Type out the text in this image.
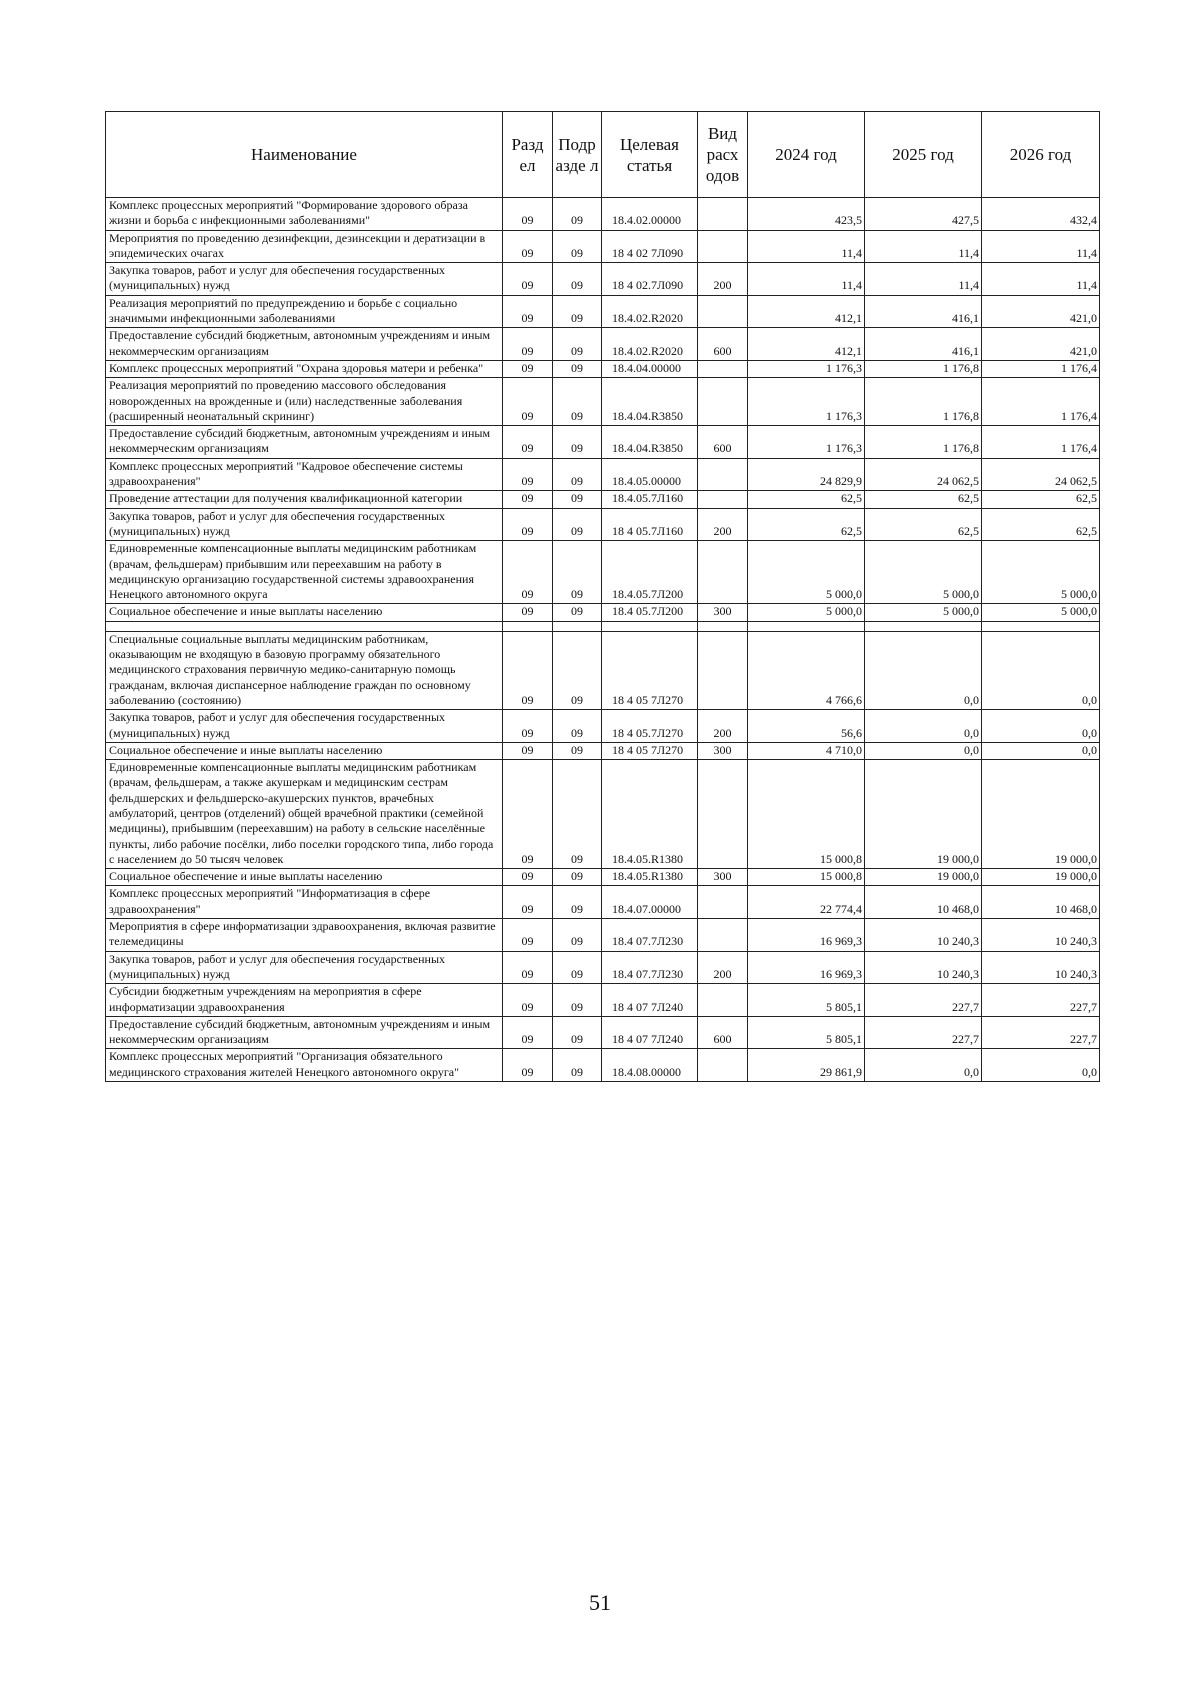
Наименование	Разд ел	Подр азде л	Целевая статья	Вид расх одов	2024 год	2025 год	2026 год
Комплекс процессных мероприятий "Формирование здорового образа жизни и борьба с инфекционными заболеваниями"	09	09	18.4.02.00000		423,5	427,5	432,4
Мероприятия по проведению дезинфекции, дезинсекции и дератизации в эпидемических очагах	09	09	18 4 02 7Л090		11,4	11,4	11,4
Закупка товаров, работ и услуг для обеспечения государственных (муниципальных) нужд	09	09	18 4 02.7Л090	200	11,4	11,4	11,4
Реализация мероприятий по предупреждению и борьбе с социально значимыми инфекционными заболеваниями	09	09	18.4.02.R2020		412,1	416,1	421,0
Предоставление субсидий бюджетным, автономным учреждениям и иным некоммерческим организациям	09	09	18.4.02.R2020	600	412,1	416,1	421,0
Комплекс процессных мероприятий "Охрана здоровья матери и ребенка"	09	09	18.4.04.00000		1 176,3	1 176,8	1 176,4
Реализация мероприятий по проведению массового обследования новорожденных на врожденные и (или) наследственные заболевания (расширенный неонатальный скрининг)	09	09	18.4.04.R3850		1 176,3	1 176,8	1 176,4
Предоставление субсидий бюджетным, автономным учреждениям и иным некоммерческим организациям	09	09	18.4.04.R3850	600	1 176,3	1 176,8	1 176,4
Комплекс процессных мероприятий "Кадровое обеспечение системы здравоохранения"	09	09	18.4.05.00000		24 829,9	24 062,5	24 062,5
Проведение аттестации для получения квалификационной категории	09	09	18.4.05.7Л160		62,5	62,5	62,5
Закупка товаров, работ и услуг для обеспечения государственных (муниципальных) нужд	09	09	18 4 05.7Л160	200	62,5	62,5	62,5
Единовременные компенсационные выплаты медицинским работникам (врачам, фельдшерам) прибывшим или переехавшим на работу в медицинскую организацию государственной системы здравоохранения Ненецкого автономного округа	09	09	18.4.05.7Л200		5 000,0	5 000,0	5 000,0
Социальное обеспечение и иные выплаты населению	09	09	18.4 05.7Л200	300	5 000,0	5 000,0	5 000,0

Специальные социальные выплаты медицинским работникам, оказывающим не входящую в базовую программу обязательного медицинского страхования первичную медико-санитарную помощь гражданам, включая диспансерное наблюдение граждан по основному заболеванию (состоянию)	09	09	18 4 05 7Л270		4 766,6	0,0	0,0
Закупка товаров, работ и услуг для обеспечения государственных (муниципальных) нужд	09	09	18 4 05.7Л270	200	56,6	0,0	0,0
Социальное обеспечение и иные выплаты населению	09	09	18 4 05 7Л270	300	4 710,0	0,0	0,0
Единовременные компенсационные выплаты медицинским работникам (врачам, фельдшерам, а также акушеркам и медицинским сестрам фельдшерских и фельдшерско-акушерских пунктов, врачебных амбулаторий, центров (отделений) общей врачебной практики (семейной медицины), прибывшим (переехавшим) на работу в сельские населённые пункты, либо рабочие посёлки, либо поселки городского типа, либо города с населением до 50 тысяч человек	09	09	18.4.05.R1380		15 000,8	19 000,0	19 000,0
Социальное обеспечение и иные выплаты населению	09	09	18.4.05.R1380	300	15 000,8	19 000,0	19 000,0
Комплекс процессных мероприятий "Информатизация в сфере здравоохранения"	09	09	18.4.07.00000		22 774,4	10 468,0	10 468,0
Мероприятия в сфере информатизации здравоохранения, включая развитие телемедицины	09	09	18.4 07.7Л230		16 969,3	10 240,3	10 240,3
Закупка товаров, работ и услуг для обеспечения государственных (муниципальных) нужд	09	09	18.4 07.7Л230	200	16 969,3	10 240,3	10 240,3
Субсидии бюджетным учреждениям на мероприятия в сфере информатизации здравоохранения	09	09	18 4 07 7Л240		5 805,1	227,7	227,7
Предоставление субсидий бюджетным, автономным учреждениям и иным некоммерческим организациям	09	09	18 4 07 7Л240	600	5 805,1	227,7	227,7
Комплекс процессных мероприятий "Организация обязательного медицинского страхования жителей Ненецкого автономного округа"	09	09	18.4.08.00000		29 861,9	0,0	0,0
51
